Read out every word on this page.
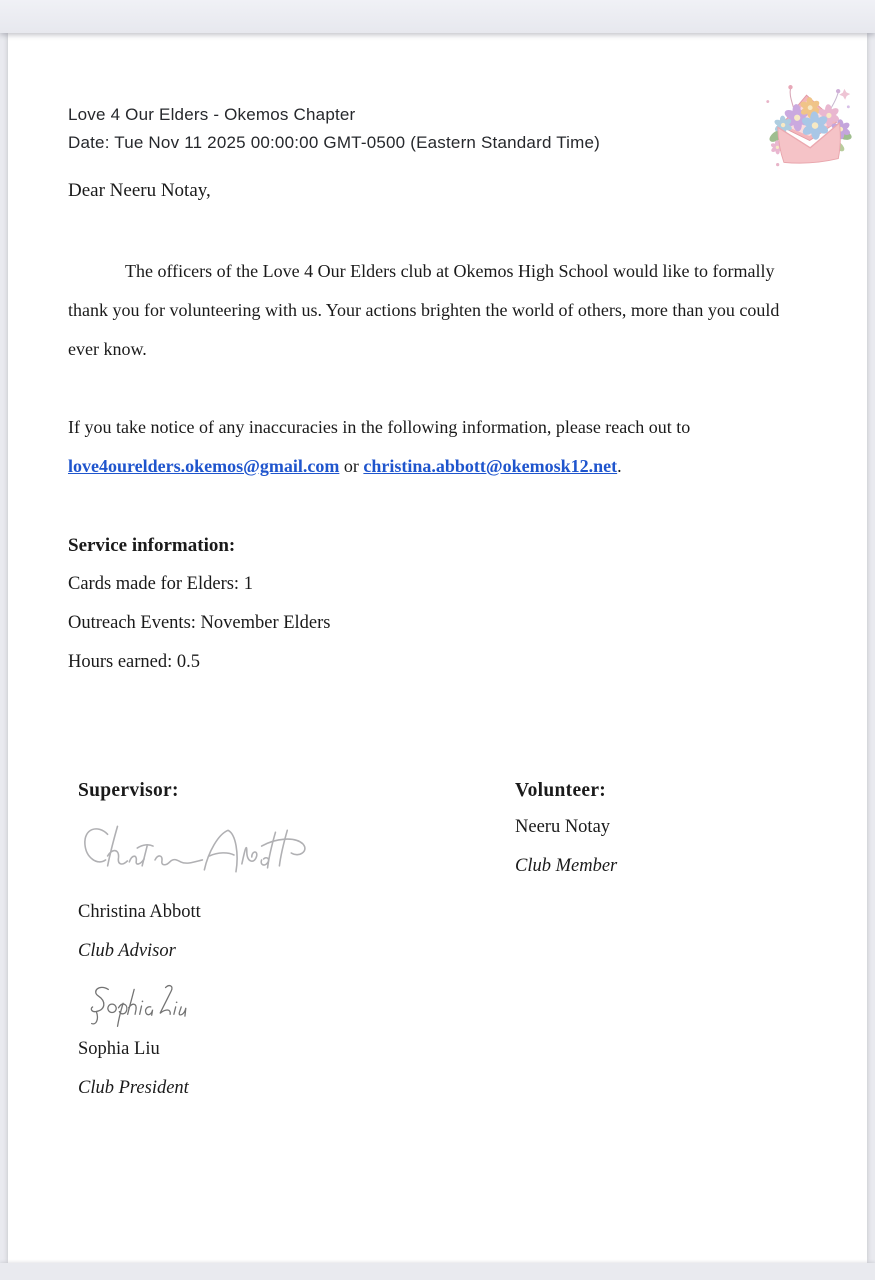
Love 4 Our Elders - Okemos Chapter
Date: Tue Nov 11 2025 00:00:00 GMT-0500 (Eastern Standard Time)
Dear Neeru Notay,

The officers of the Love 4 Our Elders club at Okemos High School would like to formally thank you for volunteering with us. Your actions brighten the world of others, more than you could ever know.

If you take notice of any inaccuracies in the following information, please reach out to love4ourelders.okemos@gmail.com or christina.abbott@okemosk12.net.

Service information:
Cards made for Elders: 1
Outreach Events: November Elders
Hours earned: 0.5
Supervisor:
Christina Abbott
Club Advisor
Volunteer:
Neeru Notay
Club Member
Sophia Liu
Club President
